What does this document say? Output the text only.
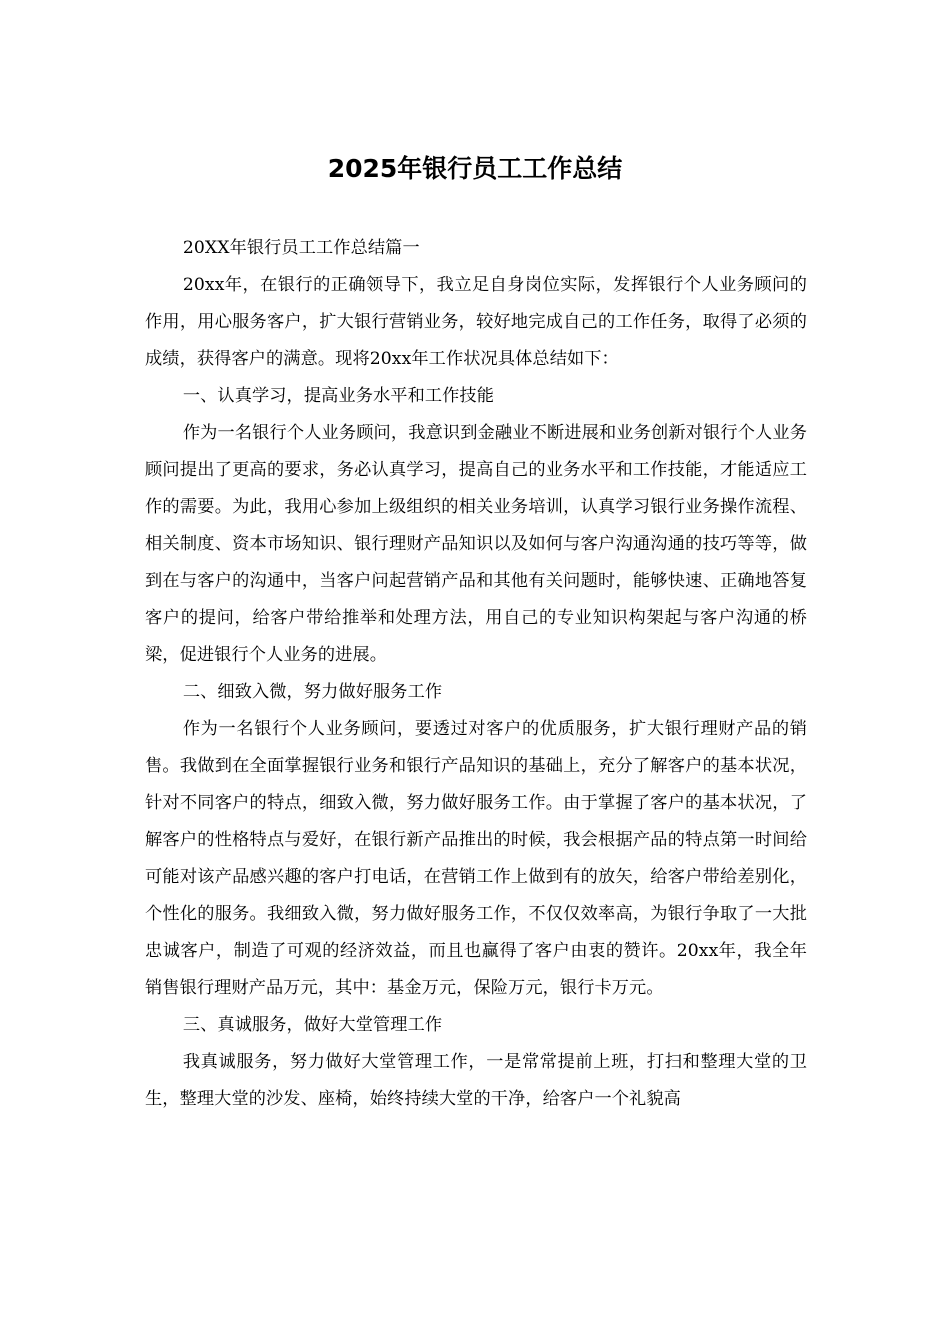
2025年银行员工工作总结

20XX年银行员工工作总结篇一

20xx年，在银行的正确领导下，我立足自身岗位实际，发挥银行个人业务顾问的作用，用心服务客户，扩大银行营销业务，较好地完成自己的工作任务，取得了必须的成绩，获得客户的满意。现将20xx年工作状况具体总结如下：

一、认真学习，提高业务水平和工作技能

作为一名银行个人业务顾问，我意识到金融业不断进展和业务创新对银行个人业务顾问提出了更高的要求，务必认真学习，提高自己的业务水平和工作技能，才能适应工作的需要。为此，我用心参加上级组织的相关业务培训，认真学习银行业务操作流程、相关制度、资本市场知识、银行理财产品知识以及如何与客户沟通沟通的技巧等等，做到在与客户的沟通中，当客户问起营销产品和其他有关问题时，能够快速、正确地答复客户的提问，给客户带给推举和处理方法，用自己的专业知识构架起与客户沟通的桥梁，促进银行个人业务的进展。

二、细致入微，努力做好服务工作

作为一名银行个人业务顾问，要透过对客户的优质服务，扩大银行理财产品的销售。我做到在全面掌握银行业务和银行产品知识的基础上，充分了解客户的基本状况，针对不同客户的特点，细致入微，努力做好服务工作。由于掌握了客户的基本状况，了解客户的性格特点与爱好，在银行新产品推出的时候，我会根据产品的特点第一时间给可能对该产品感兴趣的客户打电话，在营销工作上做到有的放矢，给客户带给差别化，个性化的服务。我细致入微，努力做好服务工作，不仅仅效率高，为银行争取了一大批忠诚客户，制造了可观的经济效益，而且也赢得了客户由衷的赞许。20xx年，我全年销售银行理财产品万元，其中：基金万元，保险万元，银行卡万元。

三、真诚服务，做好大堂管理工作

我真诚服务，努力做好大堂管理工作，一是常常提前上班，打扫和整理大堂的卫生，整理大堂的沙发、座椅，始终持续大堂的干净，给客户一个礼貌高
